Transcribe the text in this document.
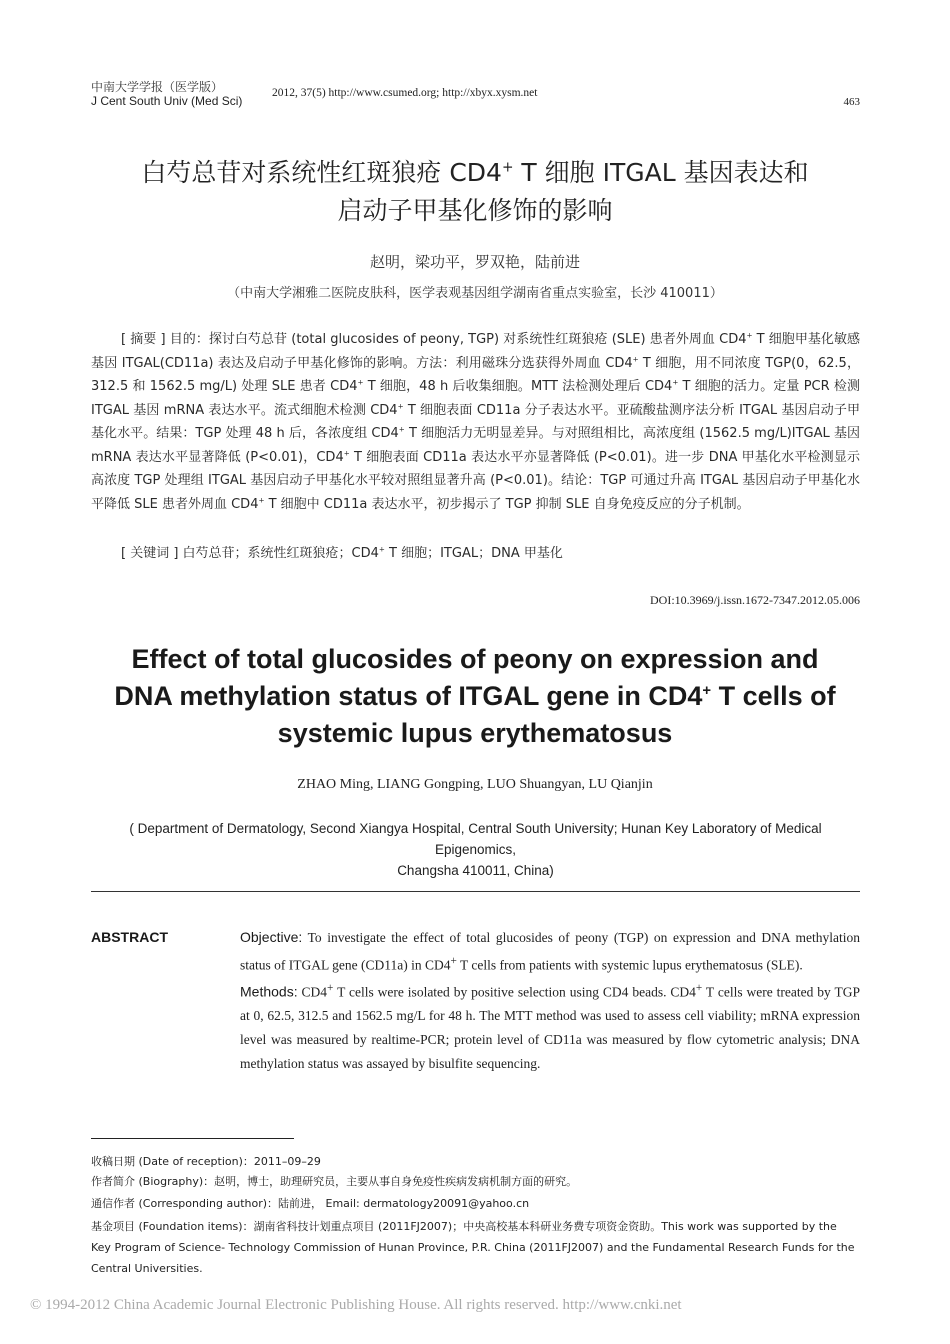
中南大学学报（医学版）
J Cent South Univ (Med Sci)
2012, 37(5) http://www.csumed.org; http://xbyx.xysm.net
463
白芍总苷对系统性红斑狼疮 CD4+ T 细胞 ITGAL 基因表达和
启动子甲基化修饰的影响
赵明，梁功平，罗双艳，陆前进
（中南大学湘雅二医院皮肤科，医学表观基因组学湖南省重点实验室，长沙 410011）
[ 摘要 ] 目的：探讨白芍总苷 (total glucosides of peony, TGP) 对系统性红斑狼疮 (SLE) 患者外周血 CD4+ T 细胞甲基化敏感基因 ITGAL(CD11a) 表达及启动子甲基化修饰的影响。方法：利用磁珠分选获得外周血 CD4+ T 细胞，用不同浓度 TGP(0，62.5，312.5 和 1562.5 mg/L) 处理 SLE 患者 CD4+ T 细胞，48 h 后收集细胞。MTT 法检测处理后 CD4+ T 细胞的活力。定量 PCR 检测 ITGAL 基因 mRNA 表达水平。流式细胞术检测 CD4+ T 细胞表面 CD11a 分子表达水平。亚硫酸盐测序法分析 ITGAL 基因启动子甲基化水平。结果：TGP 处理 48 h 后，各浓度组 CD4+ T 细胞活力无明显差异。与对照组相比，高浓度组 (1562.5 mg/L)ITGAL 基因 mRNA 表达水平显著降低 (P<0.01)，CD4+ T 细胞表面 CD11a 表达水平亦显著降低 (P<0.01)。进一步 DNA 甲基化水平检测显示高浓度 TGP 处理组 ITGAL 基因启动子甲基化水平较对照组显著升高 (P<0.01)。结论：TGP 可通过升高 ITGAL 基因启动子甲基化水平降低 SLE 患者外周血 CD4+ T 细胞中 CD11a 表达水平，初步揭示了 TGP 抑制 SLE 自身免疫反应的分子机制。
[ 关键词 ] 白芍总苷；系统性红斑狼疮；CD4+ T 细胞；ITGAL；DNA 甲基化
DOI:10.3969/j.issn.1672-7347.2012.05.006
Effect of total glucosides of peony on expression and
DNA methylation status of ITGAL gene in CD4+ T cells of
systemic lupus erythematosus
ZHAO Ming, LIANG Gongping, LUO Shuangyan, LU Qianjin
( Department of Dermatology, Second Xiangya Hospital, Central South University; Hunan Key Laboratory of Medical Epigenomics,
Changsha 410011, China)
ABSTRACT	Objective: To investigate the effect of total glucosides of peony (TGP) on expression and DNA methylation status of ITGAL gene (CD11a) in CD4+ T cells from patients with systemic lupus erythematosus (SLE).

Methods: CD4+ T cells were isolated by positive selection using CD4 beads. CD4+ T cells were treated by TGP at 0, 62.5, 312.5 and 1562.5 mg/L for 48 h. The MTT method was used to assess cell viability; mRNA expression level was measured by realtime-PCR; protein level of CD11a was measured by flow cytometric analysis; DNA methylation status was assayed by bisulfite sequencing.

收稿日期 (Date of reception)：2011–09–29
作者简介 (Biography)：赵明，博士，助理研究员，主要从事自身免疫性疾病发病机制方面的研究。
通信作者 (Corresponding author)：陆前进， Email: dermatology20091@yahoo.cn
基金项目 (Foundation items)：湖南省科技计划重点项目 (2011FJ2007)；中央高校基本科研业务费专项资金资助。This work was supported by the Key Program of Science- Technology Commission of Hunan Province, P.R. China (2011FJ2007) and the Fundamental Research Funds for the Central Universities.
© 1994-2012 China Academic Journal Electronic Publishing House. All rights reserved. http://www.cnki.net
